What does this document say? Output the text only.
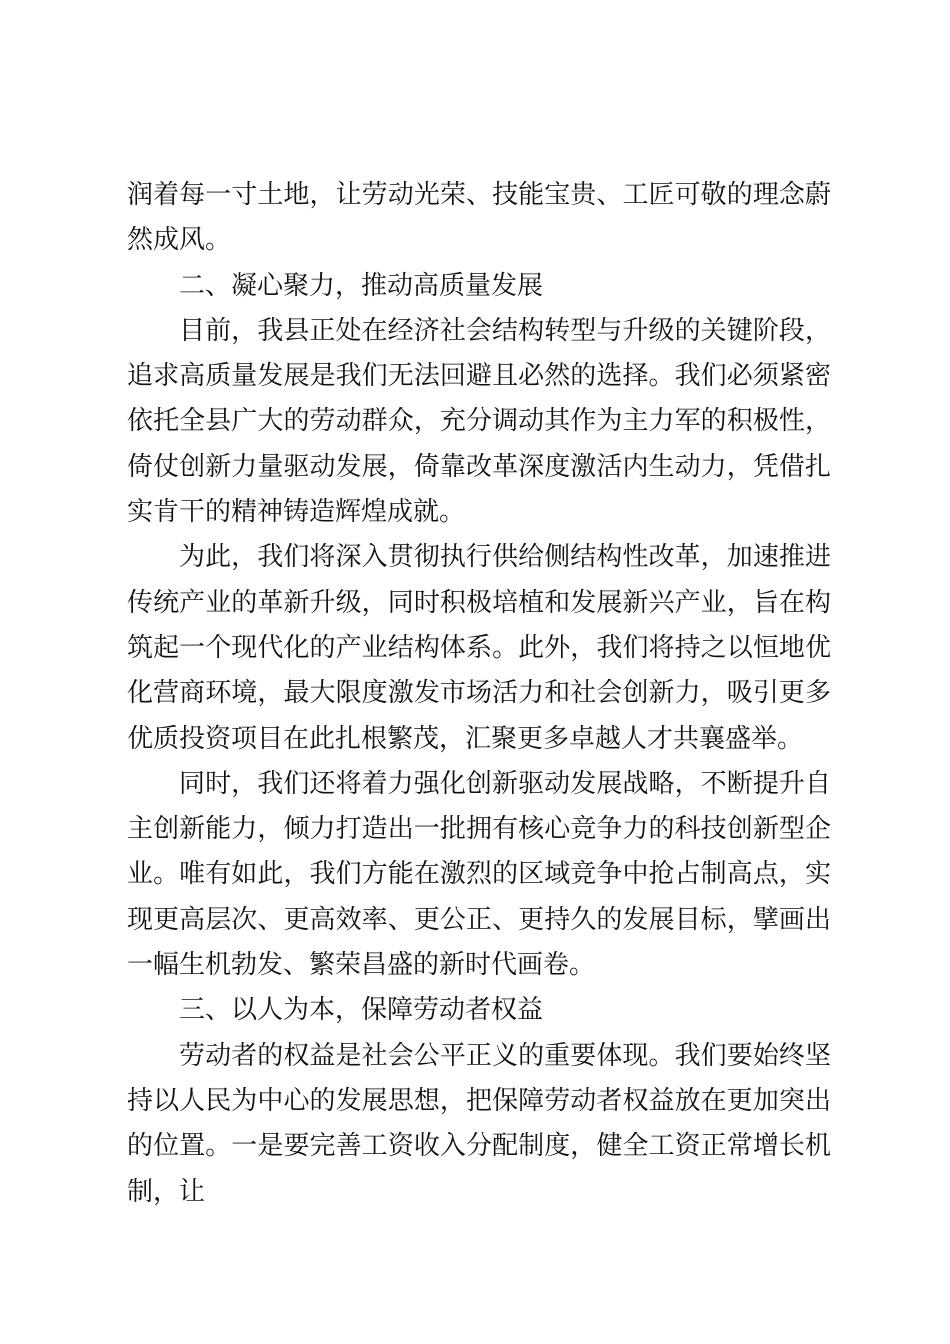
润着每一寸土地，让劳动光荣、技能宝贵、工匠可敬的理念蔚然成风。

二、凝心聚力，推动高质量发展

目前，我县正处在经济社会结构转型与升级的关键阶段，追求高质量发展是我们无法回避且必然的选择。我们必须紧密依托全县广大的劳动群众，充分调动其作为主力军的积极性，倚仗创新力量驱动发展，倚靠改革深度激活内生动力，凭借扎实肯干的精神铸造辉煌成就。

为此，我们将深入贯彻执行供给侧结构性改革，加速推进传统产业的革新升级，同时积极培植和发展新兴产业，旨在构筑起一个现代化的产业结构体系。此外，我们将持之以恒地优化营商环境，最大限度激发市场活力和社会创新力，吸引更多优质投资项目在此扎根繁茂，汇聚更多卓越人才共襄盛举。

同时，我们还将着力强化创新驱动发展战略，不断提升自主创新能力，倾力打造出一批拥有核心竞争力的科技创新型企业。唯有如此，我们方能在激烈的区域竞争中抢占制高点，实现更高层次、更高效率、更公正、更持久的发展目标，擘画出一幅生机勃发、繁荣昌盛的新时代画卷。

三、以人为本，保障劳动者权益

劳动者的权益是社会公平正义的重要体现。我们要始终坚持以人民为中心的发展思想，把保障劳动者权益放在更加突出的位置。一是要完善工资收入分配制度，健全工资正常增长机制，让
